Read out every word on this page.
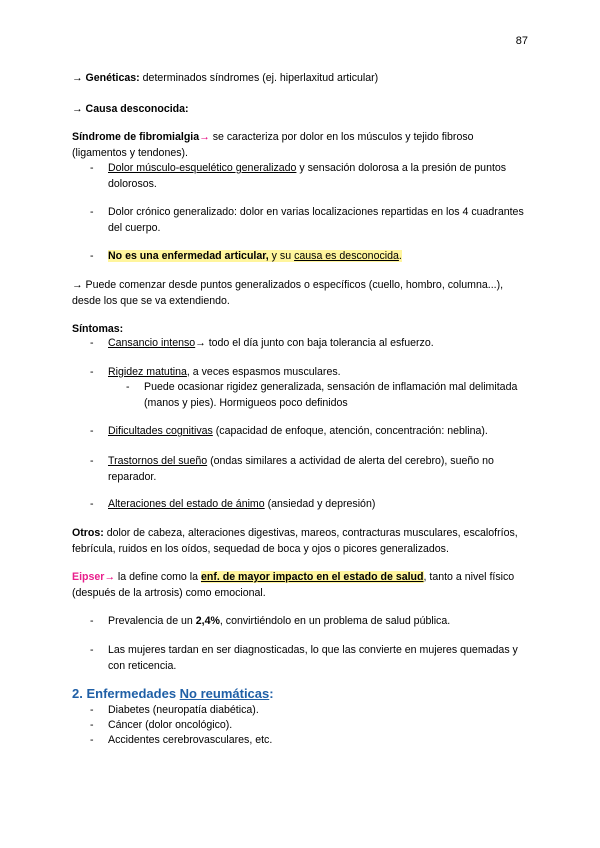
87
→ Genéticas: determinados síndromes (ej. hiperlaxitud articular)
→ Causa desconocida:
Síndrome de fibromialgia→ se caracteriza por dolor en los músculos y tejido fibroso (ligamentos y tendones).
- Dolor músculo-esquelético generalizado y sensación dolorosa a la presión de puntos dolorosos.
- Dolor crónico generalizado: dolor en varias localizaciones repartidas en los 4 cuadrantes del cuerpo.
- No es una enfermedad articular, y su causa es desconocida.
→ Puede comenzar desde puntos generalizados o específicos (cuello, hombro, columna...), desde los que se va extendiendo.
Síntomas:
- Cansancio intenso→ todo el día junto con baja tolerancia al esfuerzo.
- Rigidez matutina, a veces espasmos musculares.
- Puede ocasionar rigidez generalizada, sensación de inflamación mal delimitada (manos y pies). Hormigueos poco definidos
- Dificultades cognitivas (capacidad de enfoque, atención, concentración: neblina).
- Trastornos del sueño (ondas similares a actividad de alerta del cerebro), sueño no reparador.
- Alteraciones del estado de ánimo (ansiedad y depresión)
Otros: dolor de cabeza, alteraciones digestivas, mareos, contracturas musculares, escalofríos, febrícula, ruidos en los oídos, sequedad de boca y ojos o picores generalizados.
Eipser→ la define como la enf. de mayor impacto en el estado de salud, tanto a nivel físico (después de la artrosis) como emocional.
- Prevalencia de un 2,4%, convirtiéndolo en un problema de salud pública.
- Las mujeres tardan en ser diagnosticadas, lo que las convierte en mujeres quemadas y con reticencia.
2. Enfermedades No reumáticas:
- Diabetes (neuropatía diabética).
- Cáncer (dolor oncológico).
- Accidentes cerebrovasculares, etc.
